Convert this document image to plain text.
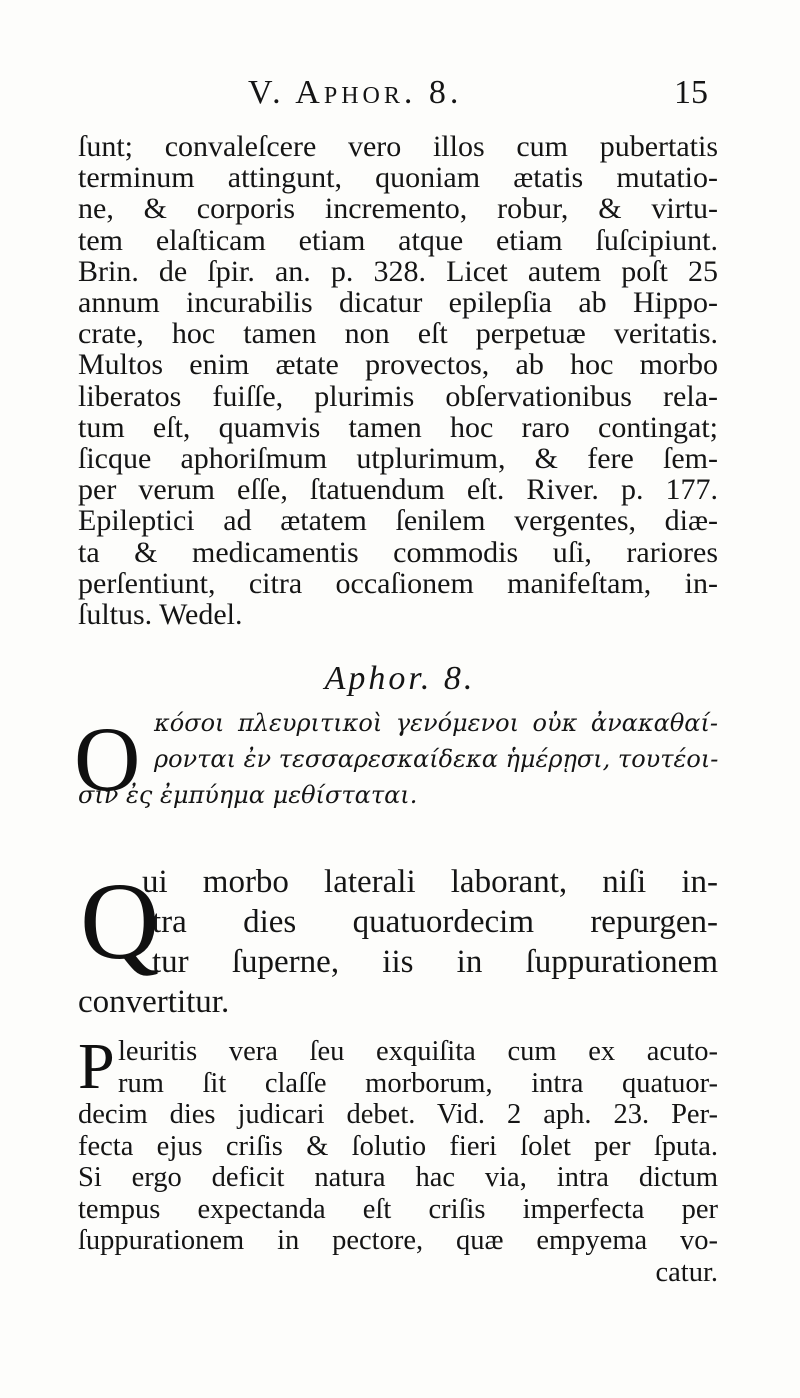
V. Aphor. 8.	15
ſunt; convaleſcere vero illos cum pubertatis
terminum attingunt, quoniam ætatis mutatio-
ne, & corporis incremento, robur, & virtu-
tem elaſticam etiam atque etiam ſuſcipiunt.
Brin. de ſpir. an. p. 328. Licet autem poſt 25
annum incurabilis dicatur epilepſia ab Hippo-
crate, hoc tamen non eſt perpetuæ veritatis.
Multos enim ætate provectos, ab hoc morbo
liberatos fuiſſe, plurimis obſervationibus rela-
tum eſt, quamvis tamen hoc raro contingat;
ſicque aphoriſmum utplurimum, & fere ſem-
per verum eſſe, ſtatuendum eſt. River. p. 177.
Epileptici ad ætatem ſenilem vergentes, diæ-
ta & medicamentis commodis uſi, rariores
perſentiunt, citra occaſionem manifeſtam, in-
ſultus. Wedel.
Aphor. 8.
O κόσοι πλευριτικοὶ γενόμενοι οὐκ ἀνακαθαί-
ρονται ἐν τεσσαρεσκαίδεκα ἡμέρῃσι, τουτέοι-
σιν ἐς ἐμπύημα μεθίσταται.
Q
ui morbo laterali laborant, niſi in-
tra dies quatuordecim repurgen-
tur ſuperne, iis in ſuppurationem
convertitur.
P leuritis vera ſeu exquiſita cum ex acuto-
rum ſit claſſe morborum, intra quatuor-
decim dies judicari debet. Vid. 2 aph. 23. Per-
fecta ejus criſis & ſolutio fieri ſolet per ſputa.
Si ergo deficit natura hac via, intra dictum
tempus expectanda eſt criſis imperfecta per
ſuppurationem in pectore, quæ empyema vo-
catur.
